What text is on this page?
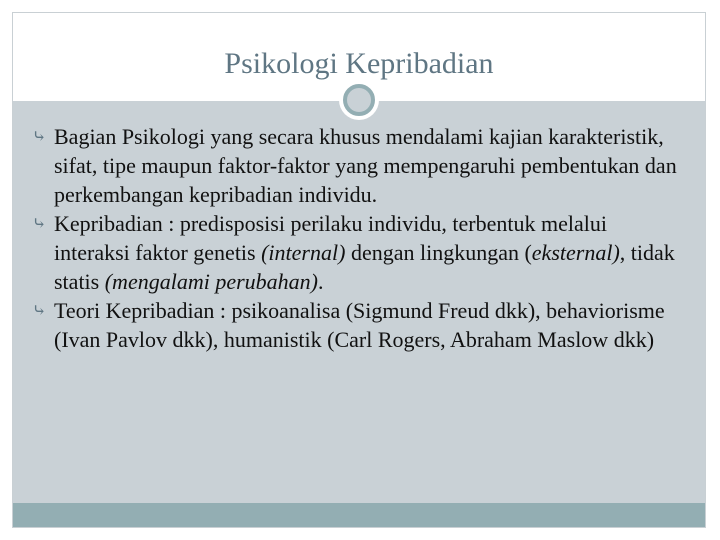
Psikologi Kepribadian
⤷ Bagian Psikologi yang secara khusus mendalami kajian karakteristik, sifat, tipe maupun faktor-faktor yang mempengaruhi pembentukan dan perkembangan kepribadian individu.
⤷ Kepribadian : predisposisi perilaku individu, terbentuk melalui interaksi faktor genetis (internal) dengan lingkungan (eksternal), tidak statis (mengalami perubahan).
⤷ Teori Kepribadian : psikoanalisa (Sigmund Freud dkk), behaviorisme (Ivan Pavlov dkk), humanistik (Carl Rogers, Abraham Maslow dkk)
